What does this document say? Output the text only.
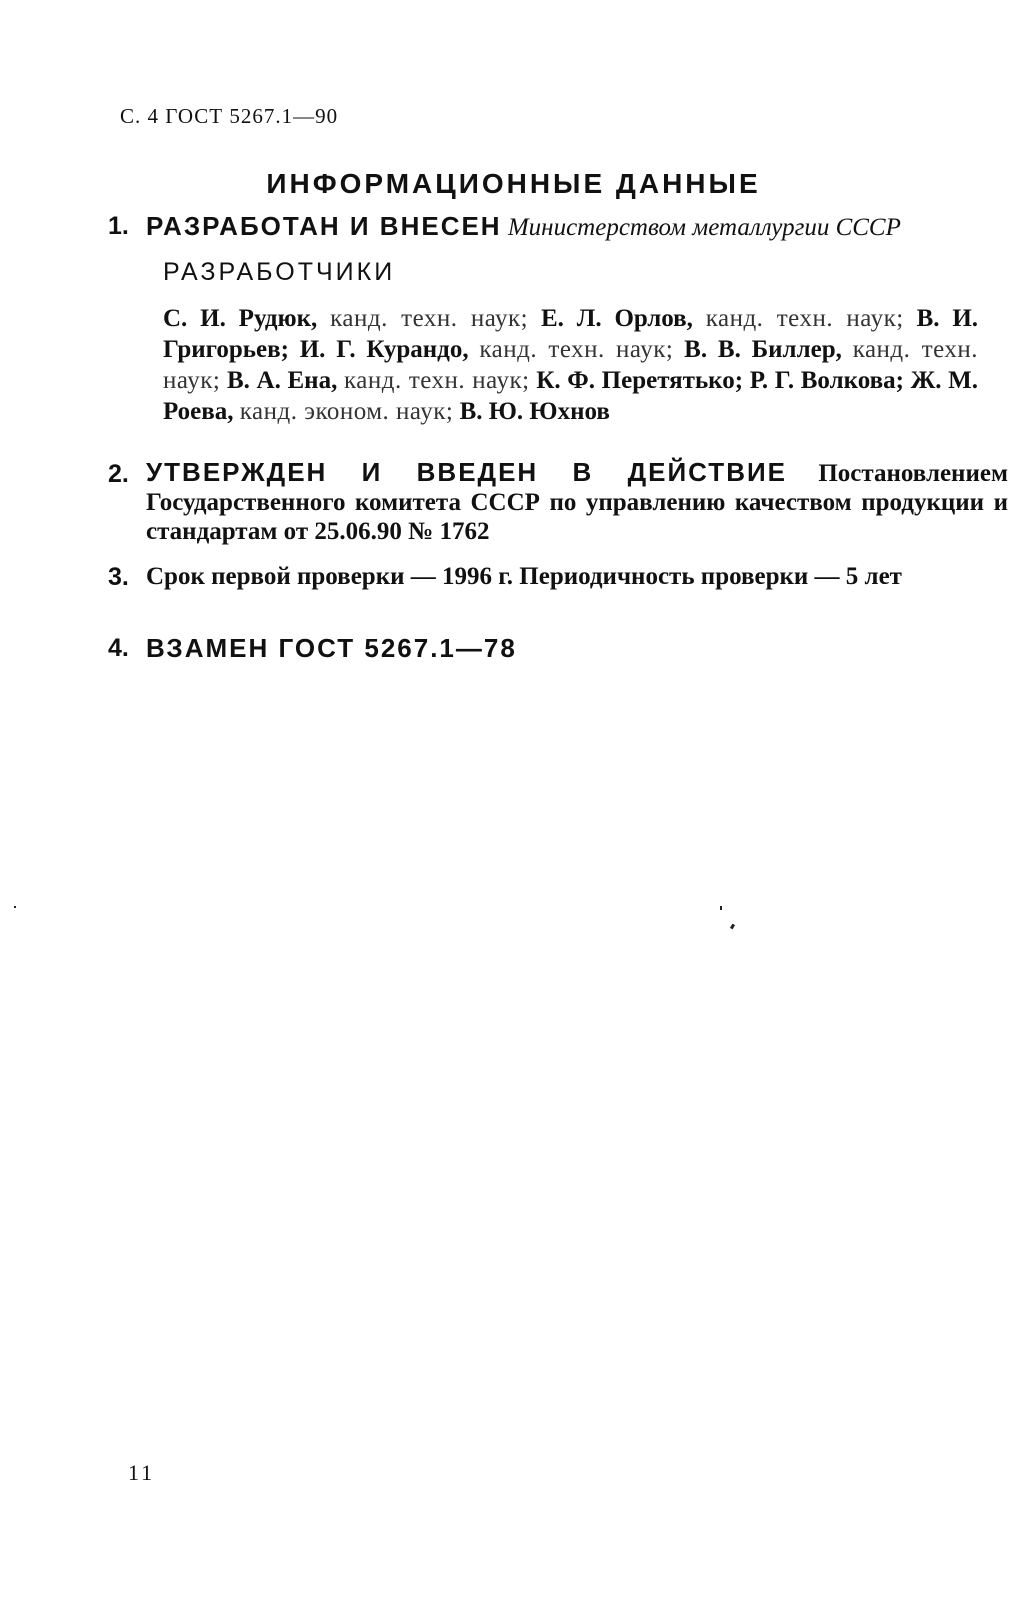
С. 4 ГОСТ 5267.1—90
ИНФОРМАЦИОННЫЕ ДАННЫЕ
1. РАЗРАБОТАН И ВНЕСЕН Министерством металлургии СССР
РАЗРАБОТЧИКИ
С. И. Рудюк, канд. техн. наук; Е. Л. Орлов, канд. техн. наук; В. И. Григорьев; И. Г. Курандо, канд. техн. наук; В. В. Биллер, канд. техн. наук; В. А. Ена, канд. техн. наук; К. Ф. Перетятько; Р. Г. Волкова; Ж. М. Роева, канд. эконом. наук; В. Ю. Юхнов
2. УТВЕРЖДЕН И ВВЕДЕН В ДЕЙСТВИЕ Постановлением Государственного комитета СССР по управлению качеством продукции и стандартам от 25.06.90 № 1762
3. Срок первой проверки — 1996 г. Периодичность проверки — 5 лет
4. ВЗАМЕН ГОСТ 5267.1—78
11
